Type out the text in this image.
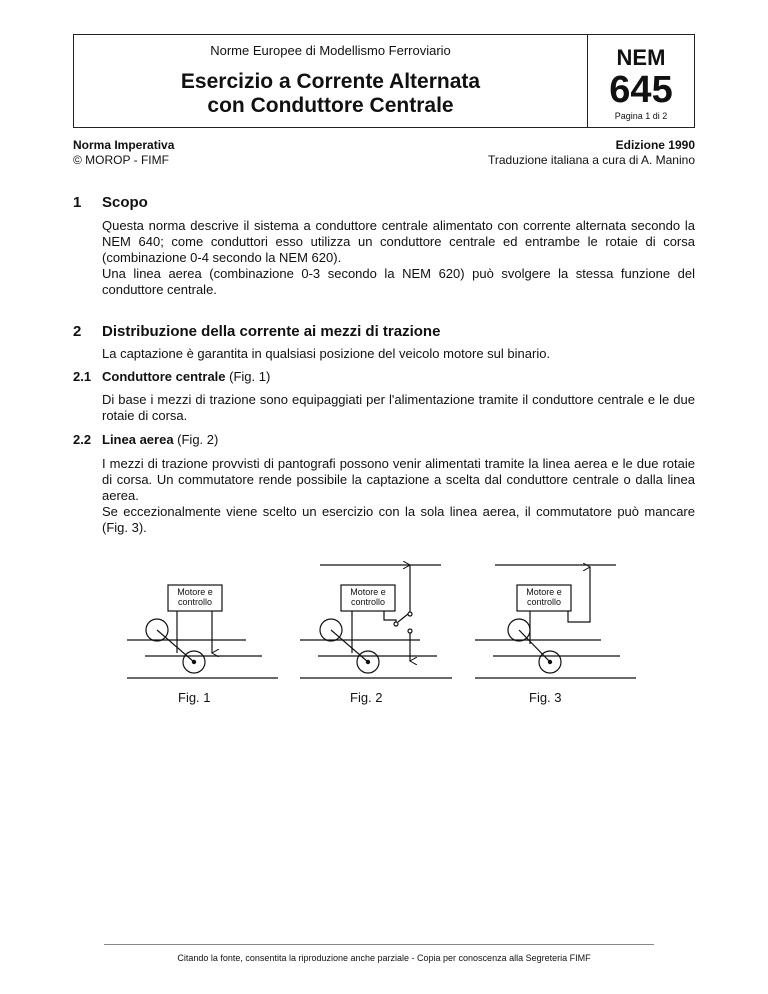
Norme Europee di Modellismo Ferroviario
Esercizio a Corrente Alternata
con Conduttore Centrale
NEM
645
Pagina 1 di 2
Norma Imperativa
© MOROP - FIMF
Edizione 1990
Traduzione italiana a cura di A. Manino
1 Scopo

Questa norma descrive il sistema a conduttore centrale alimentato con corrente alternata secondo la NEM 640; come conduttori esso utilizza un conduttore centrale ed entrambe le rotaie di corsa (combinazione 0-4 secondo la NEM 620).

Una linea aerea (combinazione 0-3 secondo la NEM 620) può svolgere la stessa funzione del conduttore centrale.

2 Distribuzione della corrente ai mezzi di trazione

La captazione è garantita in qualsiasi posizione del veicolo motore sul binario.

2.1 Conduttore centrale (Fig. 1)

Di base i mezzi di trazione sono equipaggiati per l'alimentazione tramite il conduttore centrale e le due rotaie di corsa.

2.2 Linea aerea (Fig. 2)

I mezzi di trazione provvisti di pantografi possono venir alimentati tramite la linea aerea e le due rotaie di corsa. Un commutatore rende possibile la captazione a scelta dal conduttore centrale o dalla linea aerea.

Se eccezionalmente viene scelto un esercizio con la sola linea aerea, il commutatore può mancare (Fig. 3).

Motore e
controllo
Motore e
controllo
Motore e
controllo
Fig. 1	Fig. 2	Fig. 3
Citando la fonte, consentita la riproduzione anche parziale - Copia per conoscenza alla Segreteria FIMF
